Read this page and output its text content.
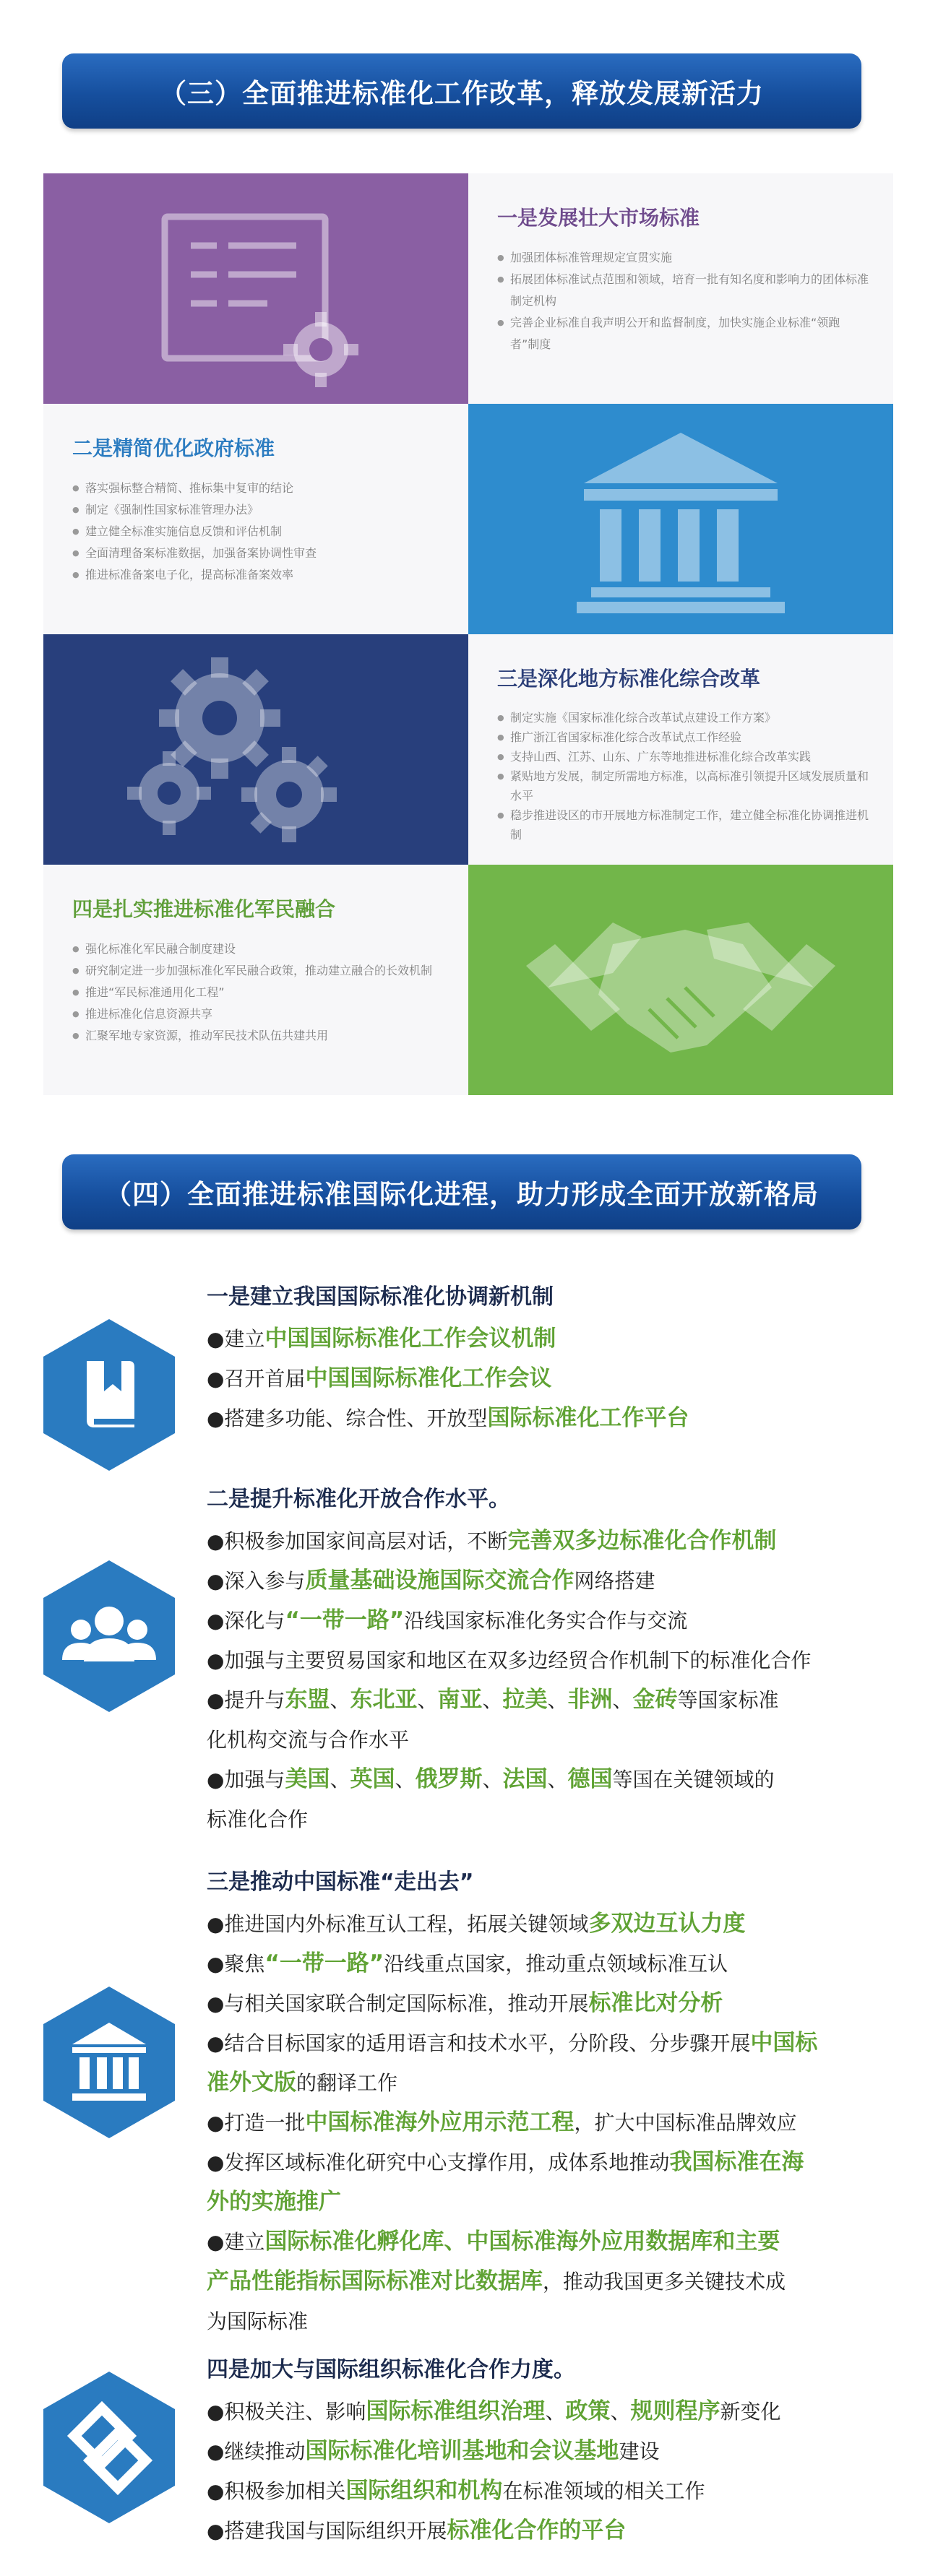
（三）全面推进标准化工作改革，释放发展新活力
一是发展壮大市场标准
● 加强团体标准管理规定宣贯实施
● 拓展团体标准试点范围和领域，培育一批有知名度和影响力的团体标准制定机构
● 完善企业标准自我声明公开和监督制度，加快实施企业标准“领跑者”制度
二是精简优化政府标准
● 落实强标整合精简、推标集中复审的结论
● 制定《强制性国家标准管理办法》
● 建立健全标准实施信息反馈和评估机制
● 全面清理备案标准数据，加强备案协调性审查
● 推进标准备案电子化，提高标准备案效率
三是深化地方标准化综合改革
● 制定实施《国家标准化综合改革试点建设工作方案》
● 推广浙江省国家标准化综合改革试点工作经验
● 支持山西、江苏、山东、广东等地推进标准化综合改革实践
● 紧贴地方发展，制定所需地方标准，以高标准引领提升区域发展质量和水平
● 稳步推进设区的市开展地方标准制定工作，建立健全标准化协调推进机制
四是扎实推进标准化军民融合
● 强化标准化军民融合制度建设
● 研究制定进一步加强标准化军民融合政策，推动建立融合的长效机制
● 推进“军民标准通用化工程”
● 推进标准化信息资源共享
● 汇聚军地专家资源，推动军民技术队伍共建共用
（四）全面推进标准国际化进程，助力形成全面开放新格局
一是建立我国国际标准化协调新机制
●建立中国国际标准化工作会议机制
●召开首届中国国际标准化工作会议
●搭建多功能、综合性、开放型国际标准化工作平台
二是提升标准化开放合作水平。
●积极参加国家间高层对话，不断完善双多边标准化合作机制
●深入参与质量基础设施国际交流合作网络搭建
●深化与“一带一路”沿线国家标准化务实合作与交流
●加强与主要贸易国家和地区在双多边经贸合作机制下的标准化合作
●提升与东盟、东北亚、南亚、拉美、非洲、金砖等国家标准
化机构交流与合作水平
●加强与美国、英国、俄罗斯、法国、德国等国在关键领域的
标准化合作
三是推动中国标准“走出去”
●推进国内外标准互认工程，拓展关键领域多双边互认力度
●聚焦“一带一路”沿线重点国家，推动重点领域标准互认
●与相关国家联合制定国际标准，推动开展标准比对分析
●结合目标国家的适用语言和技术水平，分阶段、分步骤开展中国标
准外文版的翻译工作
●打造一批中国标准海外应用示范工程，扩大中国标准品牌效应
●发挥区域标准化研究中心支撑作用，成体系地推动我国标准在海
外的实施推广
●建立国际标准化孵化库、中国标准海外应用数据库和主要
产品性能指标国际标准对比数据库，推动我国更多关键技术成
为国际标准
四是加大与国际组织标准化合作力度。
●积极关注、影响国际标准组织治理、政策、规则程序新变化
●继续推动国际标准化培训基地和会议基地建设
●积极参加相关国际组织和机构在标准领域的相关工作
●搭建我国与国际组织开展标准化合作的平台
